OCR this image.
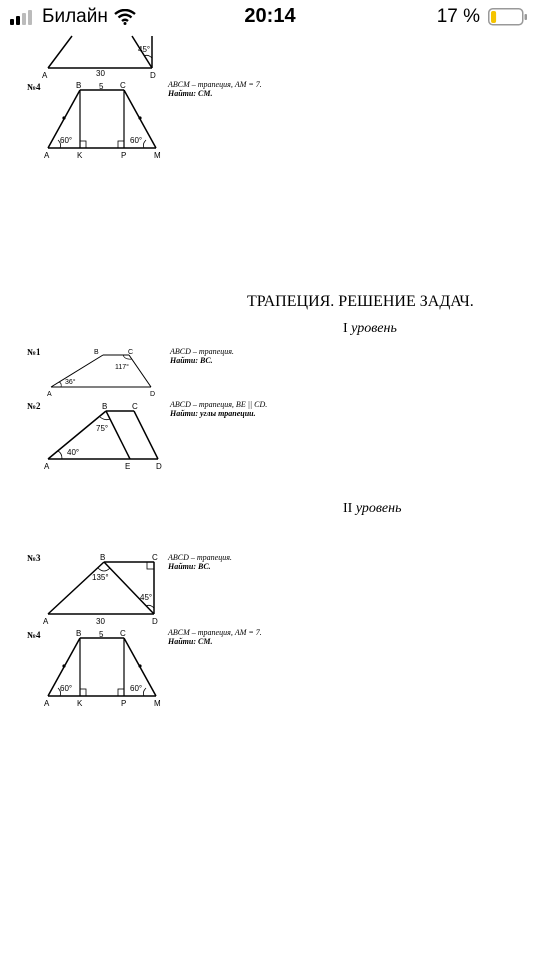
Билайн	20:14	17 %
45°
30
A	D
№4
60°	60°
5
B	C
A	K	P	M
ABCM – трапеция, AM = 7.
Найти: CM.
ТРАПЕЦИЯ. РЕШЕНИЕ ЗАДАЧ.
I уровень
№1
36°
117°
B	C
A	D
ABCD – трапеция.
Найти: BC.
№2
40°
75°
B	C
A	E	D
ABCD – трапеция, BE || CD.
Найти: углы трапеции.
II уровень
№3
135°
45°
30
B	C
A	D
ABCD – трапеция.
Найти: BC.
№4
60°	60°
5
B	C
A	K	P	M
ABCM – трапеция, AM = 7.
Найти: CM.
